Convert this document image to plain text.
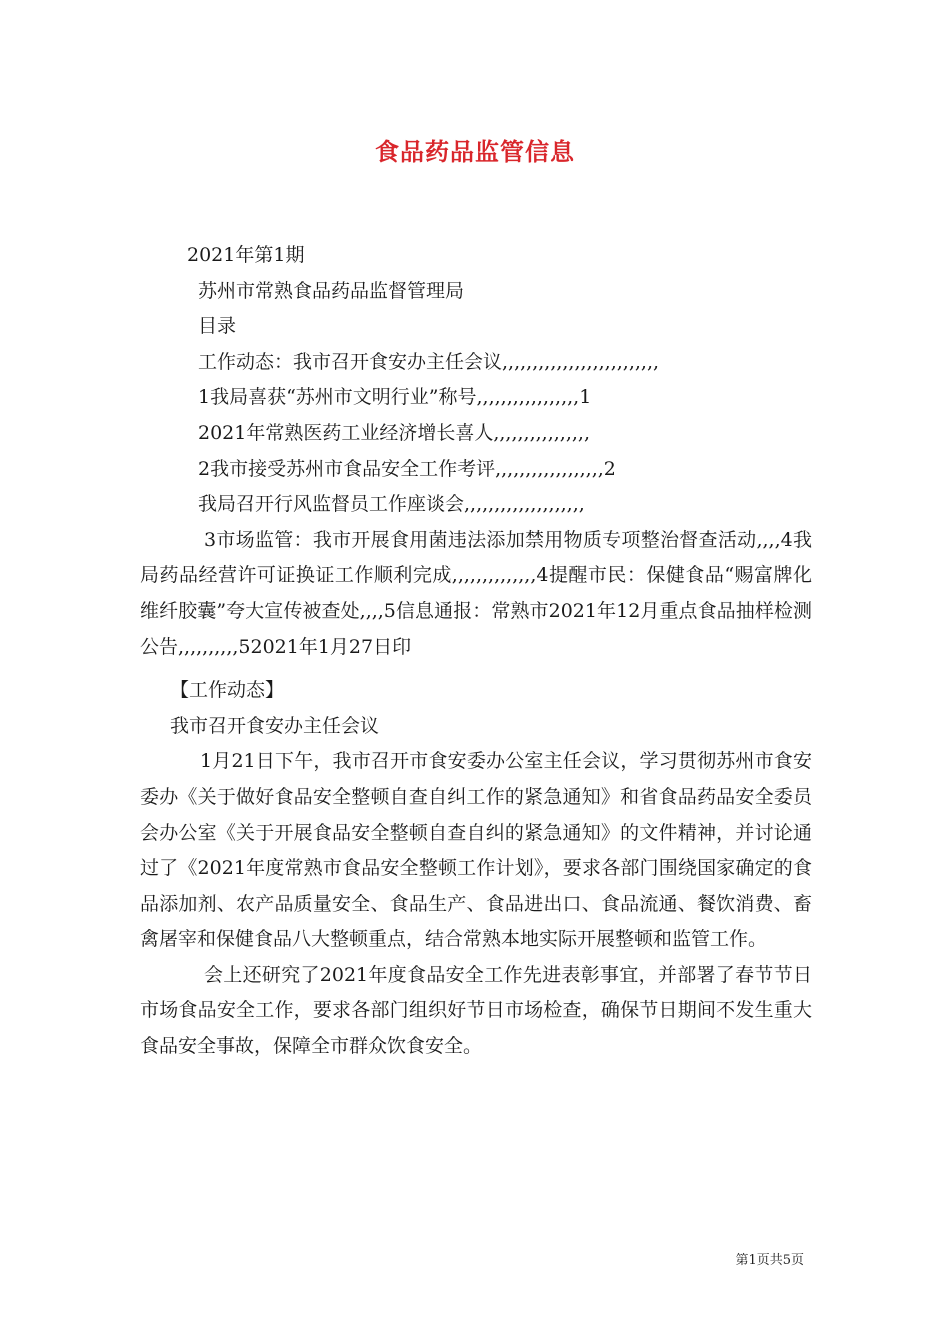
食品药品监管信息

2021年第1期

苏州市常熟食品药品监督管理局

目录

工作动态：我市召开食安办主任会议,,,,,,,,,,,,,,,,,,,,,,,,,,

1我局喜获“苏州市文明行业”称号,,,,,,,,,,,,,,,,,1

2021年常熟医药工业经济增长喜人,,,,,,,,,,,,,,,,

2我市接受苏州市食品安全工作考评,,,,,,,,,,,,,,,,,,2

我局召开行风监督员工作座谈会,,,,,,,,,,,,,,,,,,,,

3市场监管：我市开展食用菌违法添加禁用物质专项整治督查活动,,,,4我局药品经营许可证换证工作顺利完成,,,,,,,,,,,,,,4提醒市民：保健食品“赐富牌化维纤胶囊”夸大宣传被查处,,,,5信息通报：常熟市2021年12月重点食品抽样检测公告,,,,,,,,,,52021年1月27日印

【工作动态】

我市召开食安办主任会议

1月21日下午，我市召开市食安委办公室主任会议，学习贯彻苏州市食安委办《关于做好食品安全整顿自查自纠工作的紧急通知》和省食品药品安全委员会办公室《关于开展食品安全整顿自查自纠的紧急通知》的文件精神，并讨论通过了《2021年度常熟市食品安全整顿工作计划》，要求各部门围绕国家确定的食品添加剂、农产品质量安全、食品生产、食品进出口、食品流通、餐饮消费、畜禽屠宰和保健食品八大整顿重点，结合常熟本地实际开展整顿和监管工作。

会上还研究了2021年度食品安全工作先进表彰事宜，并部署了春节节日市场食品安全工作，要求各部门组织好节日市场检查，确保节日期间不发生重大食品安全事故，保障全市群众饮食安全。

第1页共5页
